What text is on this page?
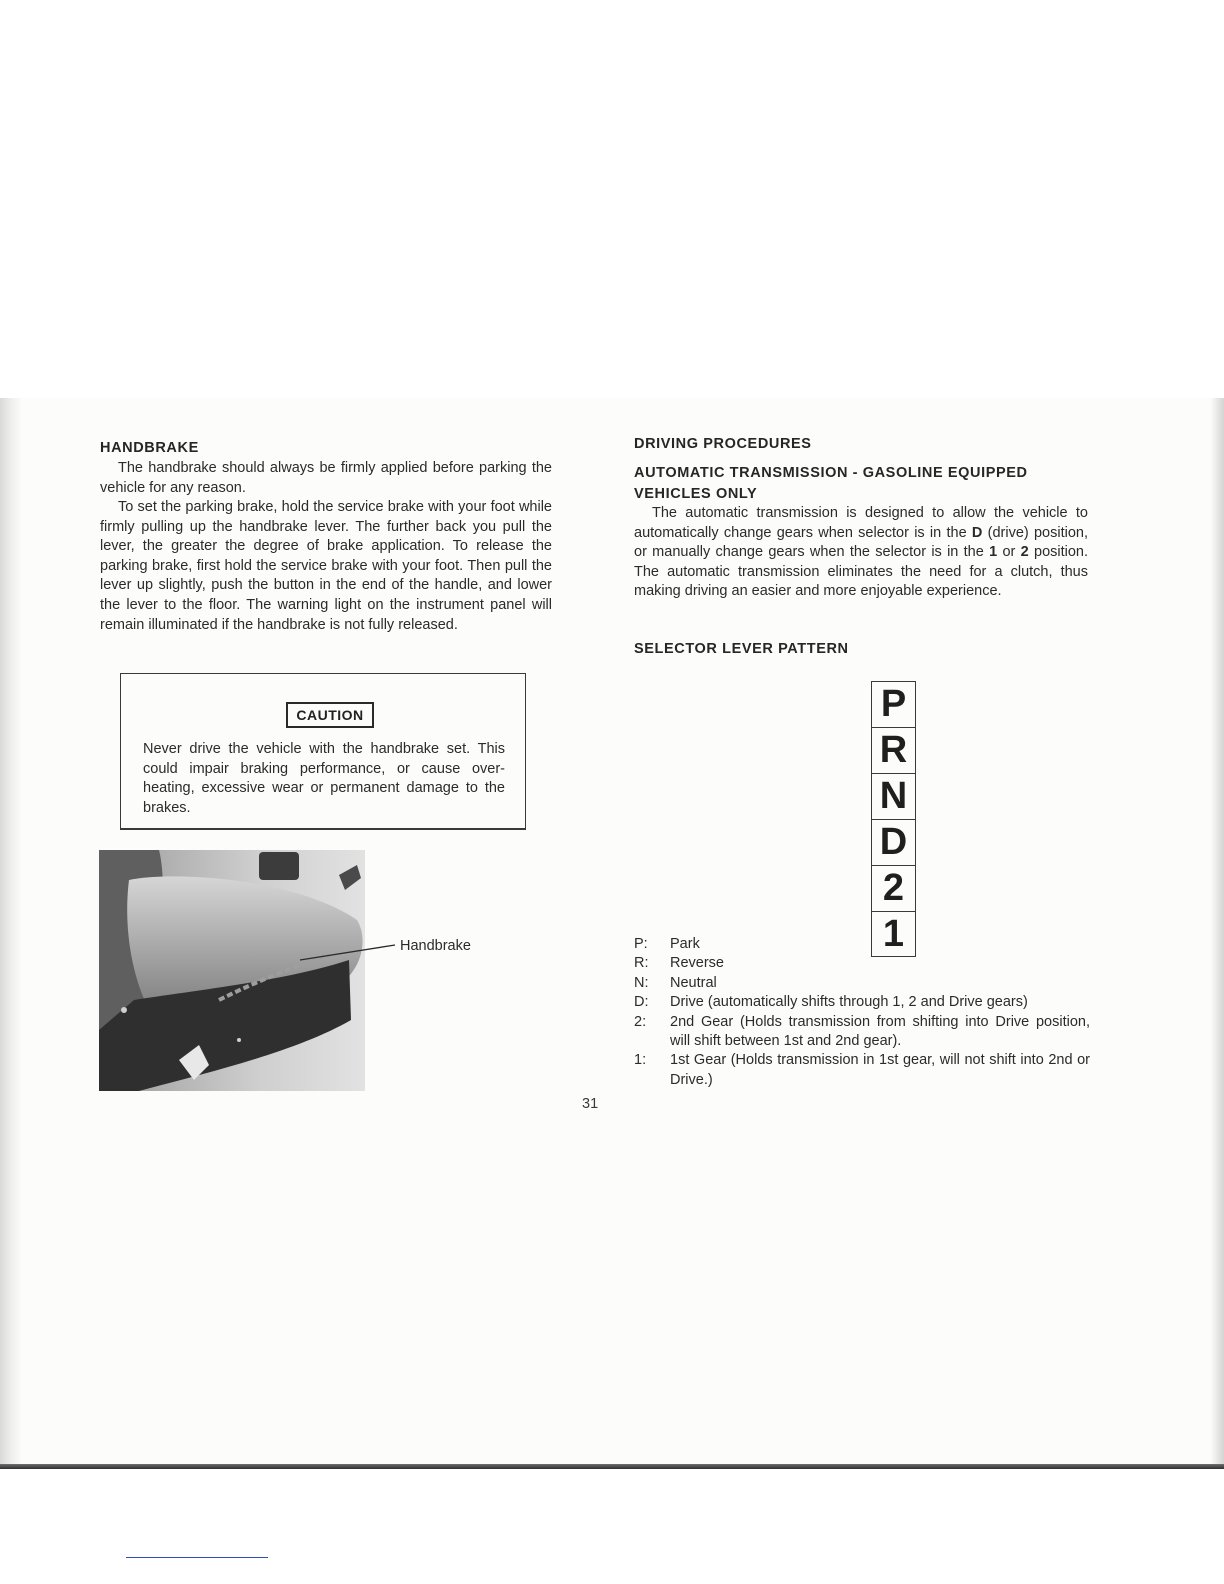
HANDBRAKE

The handbrake should always be firmly applied before parking the vehicle for any reason.

To set the parking brake, hold the service brake with your foot while firmly pulling up the handbrake lever. The further back you pull the lever, the greater the degree of brake application. To release the parking brake, first hold the service brake with your foot. Then pull the lever up slightly, push the button in the end of the handle, and lower the lever to the floor. The warning light on the instrument panel will remain illuminated if the handbrake is not fully released.

CAUTION

Never drive the vehicle with the handbrake set. This could impair braking performance, or cause over-heating, excessive wear or permanent damage to the brakes.

Handbrake
31
DRIVING PROCEDURES
AUTOMATIC TRANSMISSION - GASOLINE EQUIPPED
VEHICLES ONLY

The automatic transmission is designed to allow the vehicle to automatically change gears when selector is in the D (drive) position, or manually change gears when the selector is in the 1 or 2 position. The automatic transmission eliminates the need for a clutch, thus making driving an easier and more enjoyable experience.

SELECTOR LEVER PATTERN
P
R
N
D
2
1
P:	Park
R:	Reverse
N:	Neutral
D:	Drive (automatically shifts through 1, 2 and Drive gears)
2:	2nd Gear (Holds transmission from shifting into Drive position, will shift between 1st and 2nd gear).
1:	1st Gear (Holds transmission in 1st gear, will not shift into 2nd or Drive.)
